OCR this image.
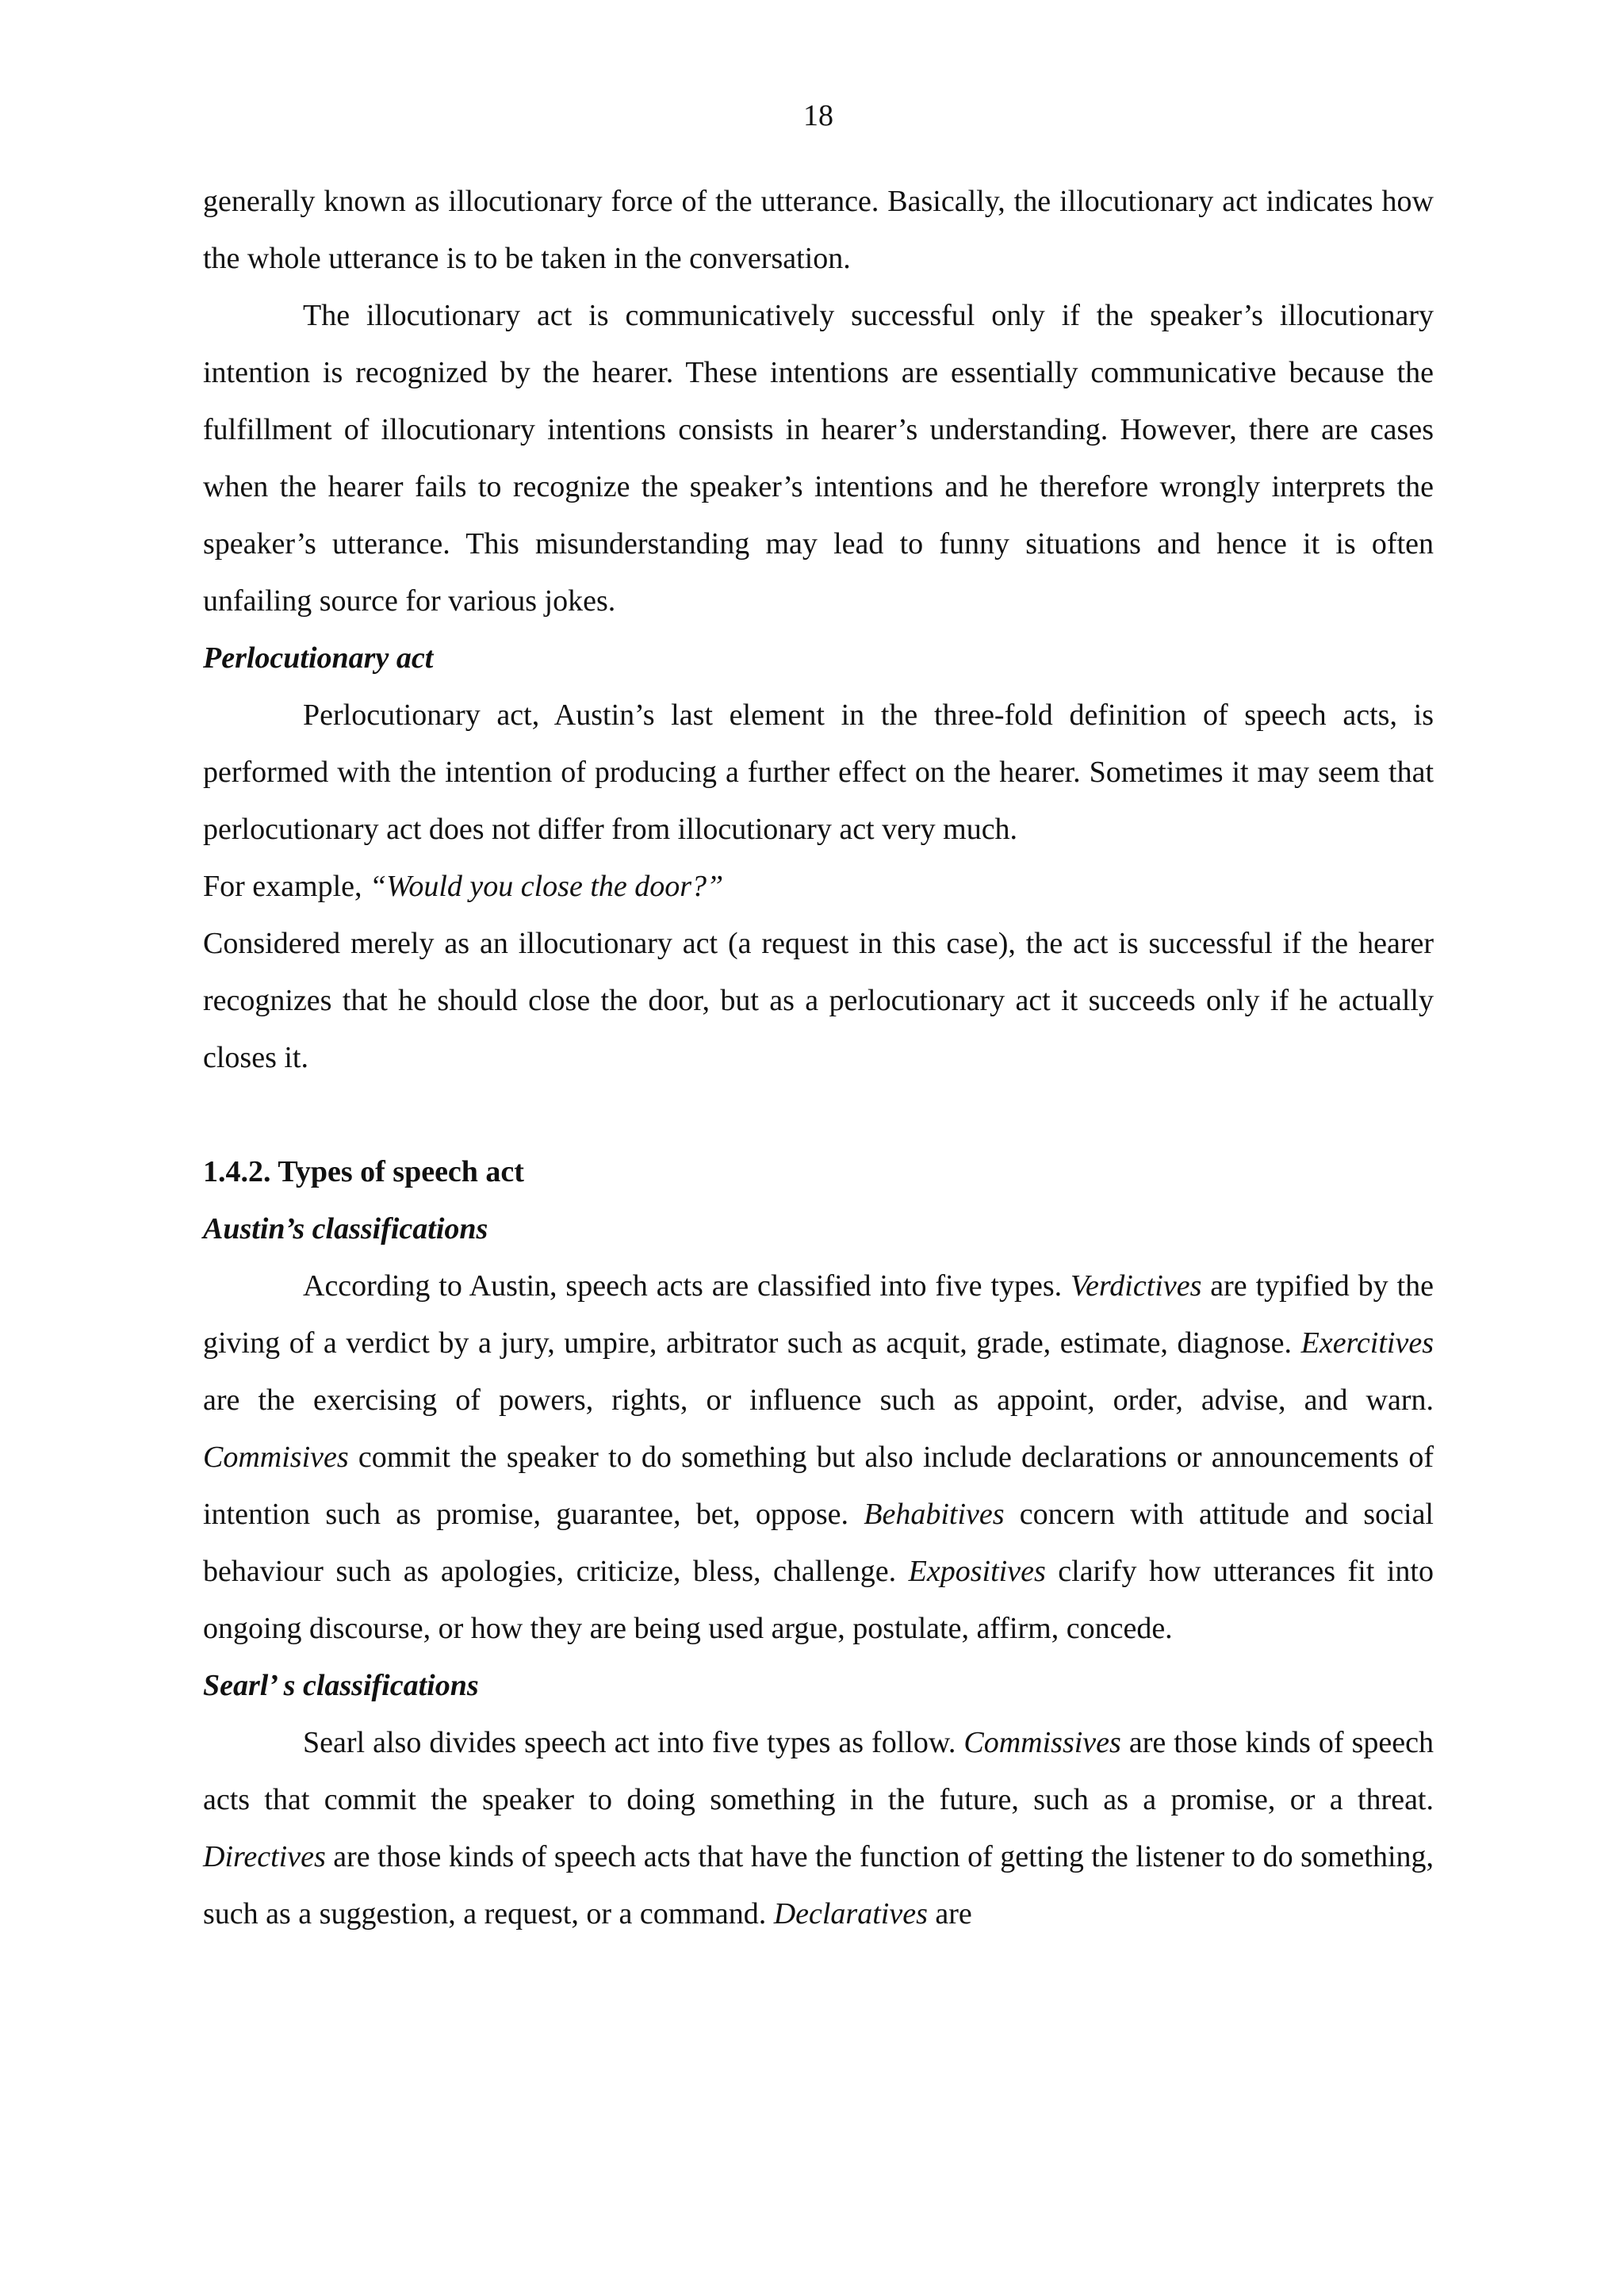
18

generally known as illocutionary force of the utterance. Basically, the illocutionary act indicates how the whole utterance is to be taken in the conversation.

The illocutionary act is communicatively successful only if the speaker’s illocutionary intention is recognized by the hearer. These intentions are essentially communicative because the fulfillment of illocutionary intentions consists in hearer’s understanding. However, there are cases when the hearer fails to recognize the speaker’s intentions and he therefore wrongly interprets the speaker’s utterance. This misunderstanding may lead to funny situations and hence it is often unfailing source for various jokes.

Perlocutionary act

Perlocutionary act, Austin’s last element in the three-fold definition of speech acts, is performed with the intention of producing a further effect on the hearer. Sometimes it may seem that perlocutionary act does not differ from illocutionary act very much.

For example, “Would you close the door?”

Considered merely as an illocutionary act (a request in this case), the act is successful if the hearer recognizes that he should close the door, but as a perlocutionary act it succeeds only if he actually closes it.

1.4.2. Types of speech act

Austin’s classifications

According to Austin, speech acts are classified into five types. Verdictives are typified by the giving of a verdict by a jury, umpire, arbitrator such as acquit, grade, estimate, diagnose. Exercitives are the exercising of powers, rights, or influence such as appoint, order, advise, and warn. Commisives commit the speaker to do something but also include declarations or announcements of intention such as promise, guarantee, bet, oppose. Behabitives concern with attitude and social behaviour such as apologies, criticize, bless, challenge. Expositives clarify how utterances fit into ongoing discourse, or how they are being used argue, postulate, affirm, concede.

Searl’ s classifications

Searl also divides speech act into five types as follow. Commissives are those kinds of speech acts that commit the speaker to doing something in the future, such as a promise, or a threat. Directives are those kinds of speech acts that have the function of getting the listener to do something, such as a suggestion, a request, or a command. Declaratives are
